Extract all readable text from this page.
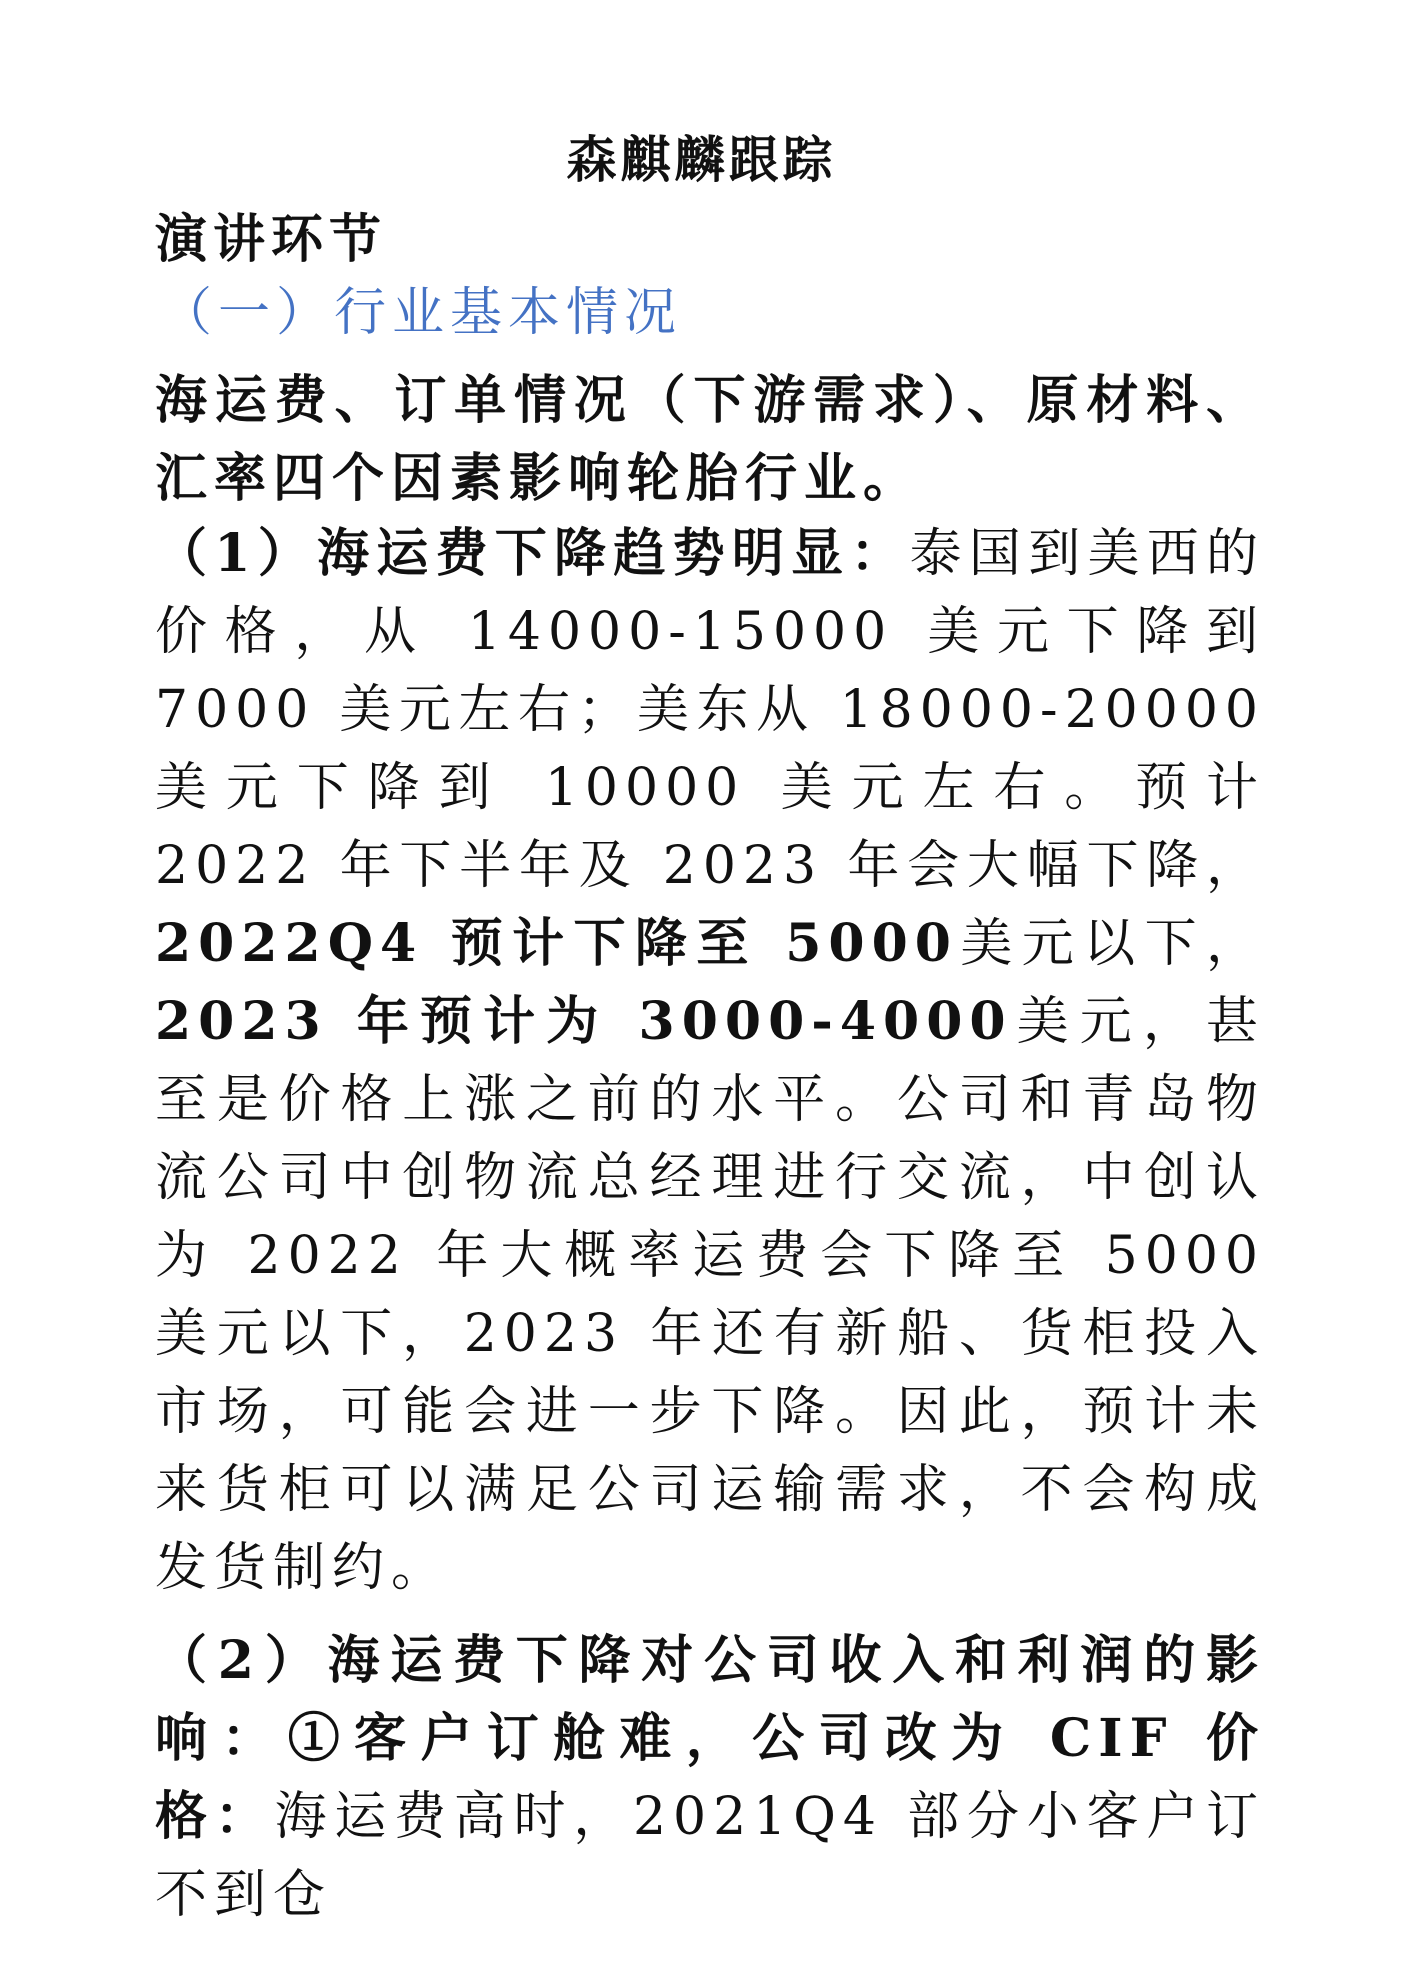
森麒麟跟踪
演讲环节
（一）行业基本情况

海运费、订单情况（下游需求）、原材料、汇率四个因素影响轮胎行业。

（1）海运费下降趋势明显：泰国到美西的价格，从 14000-15000 美元下降到 7000 美元左右；美东从 18000-20000 美元下降到 10000 美元左右。预计 2022 年下半年及 2023 年会大幅下降，2022Q4 预计下降至 5000美元以下，2023 年预计为 3000-4000美元，甚至是价格上涨之前的水平。公司和青岛物流公司中创物流总经理进行交流，中创认为 2022 年大概率运费会下降至 5000 美元以下，2023 年还有新船、货柜投入市场，可能会进一步下降。因此，预计未来货柜可以满足公司运输需求，不会构成发货制约。

（2）海运费下降对公司收入和利润的影响：①客户订舱难，公司改为 CIF 价格：海运费高时，2021Q4 部分小客户订不到仓
